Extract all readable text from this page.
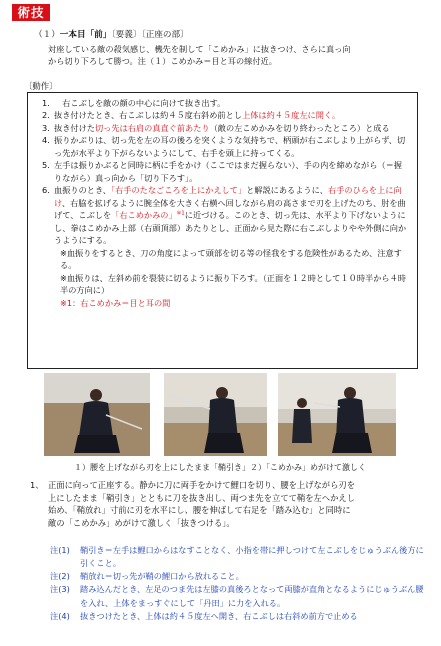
術技
（１）一本目「前」〔要義〕〔正座の部〕

対座している敵の殺気感じ、機先を制して「こめかみ」に抜きつけ、さらに真っ向

から切り下ろして勝つ。注（１）こめかみ＝目と耳の線付近。

〔動作〕
1. 　右こぶしを敵の顔の中心に向けて抜き出す。
2. 抜き付けたとき、右こぶしは約４５度右斜め前とし上体は約４５度左に開く。
3. 抜き付けた切っ先は右肩の真直ぐ前あたり（敵の左こめかみを切り終わったところ）と成る
4. 振りかぶりは、切っ先を左の耳の後ろを突くような気持ちで、柄頭が右こぶしより上がらず、切っ先が水平より下がらないようにして、右手を頭上に持ってくる。
5. 左手は振りかぶると同時に柄に手をかけ（ここではまだ握らない）、手の内を締めながら（＝握りながら）真っ向から「切り下ろす」。
6. 血振りのとき、「右手のたなごころを上にかえして」と解説にあるように、右手のひらを上に向け、右脇を拡げるように腕全体を大きく右横へ回しながら肩の高さまで刃を上げたのち、肘を曲げて、こぶしを「右こめかみの」$^{※1}$に近づける。このとき、切っ先は、水平より下げないようにし、拳はこめかみ上部（右頭頂部）あたりとし、正面から見た際に右こぶしよりやや外側に向かうようにする。

※血振りをするとき、刀の角度によって頭部を切る等の怪我をする危険性があるため、注意する。

※血振りは、左斜め前を裂装に切るように振り下ろす。（正面を１２時として１０時半から４時半の方向に）

※1：右こめかみ＝目と耳の間

１）腰を上げながら刃を上にしたまま「鞘引き」２）「こめかみ」めがけて激しく
1、 正面に向って正座する。静かに刀に両手をかけて鯉口を切り、腰を上げながら刃を
上にしたまま「鞘引き」とともに刀を抜き出し、両つま先を立てて鞘を左へかえし
始め、「鞘放れ」寸前に刃を水平にし、腰を伸ばして右足を「踏み込む」と同時に
敵の「こめかみ」めがけて激しく「抜きつける」。
注(1)	鞘引き＝左手は鯉口からはなすことなく、小指を帯に押しつけて左こぶしをじゅうぶん後方に引くこと。
注(2)	鞘放れ＝切っ先が鞘の鯉口から放れること。
注(3)	踏み込んだとき、左足のつま先は左膝の真後ろとなって両膝が直角となるようにじゅうぶん腰を入れ、上体をまっすぐにして「丹田」に力を入れる。
注(4)	抜きつけたとき、上体は約４５度左へ開き、右こぶしは右斜め前方で止める
